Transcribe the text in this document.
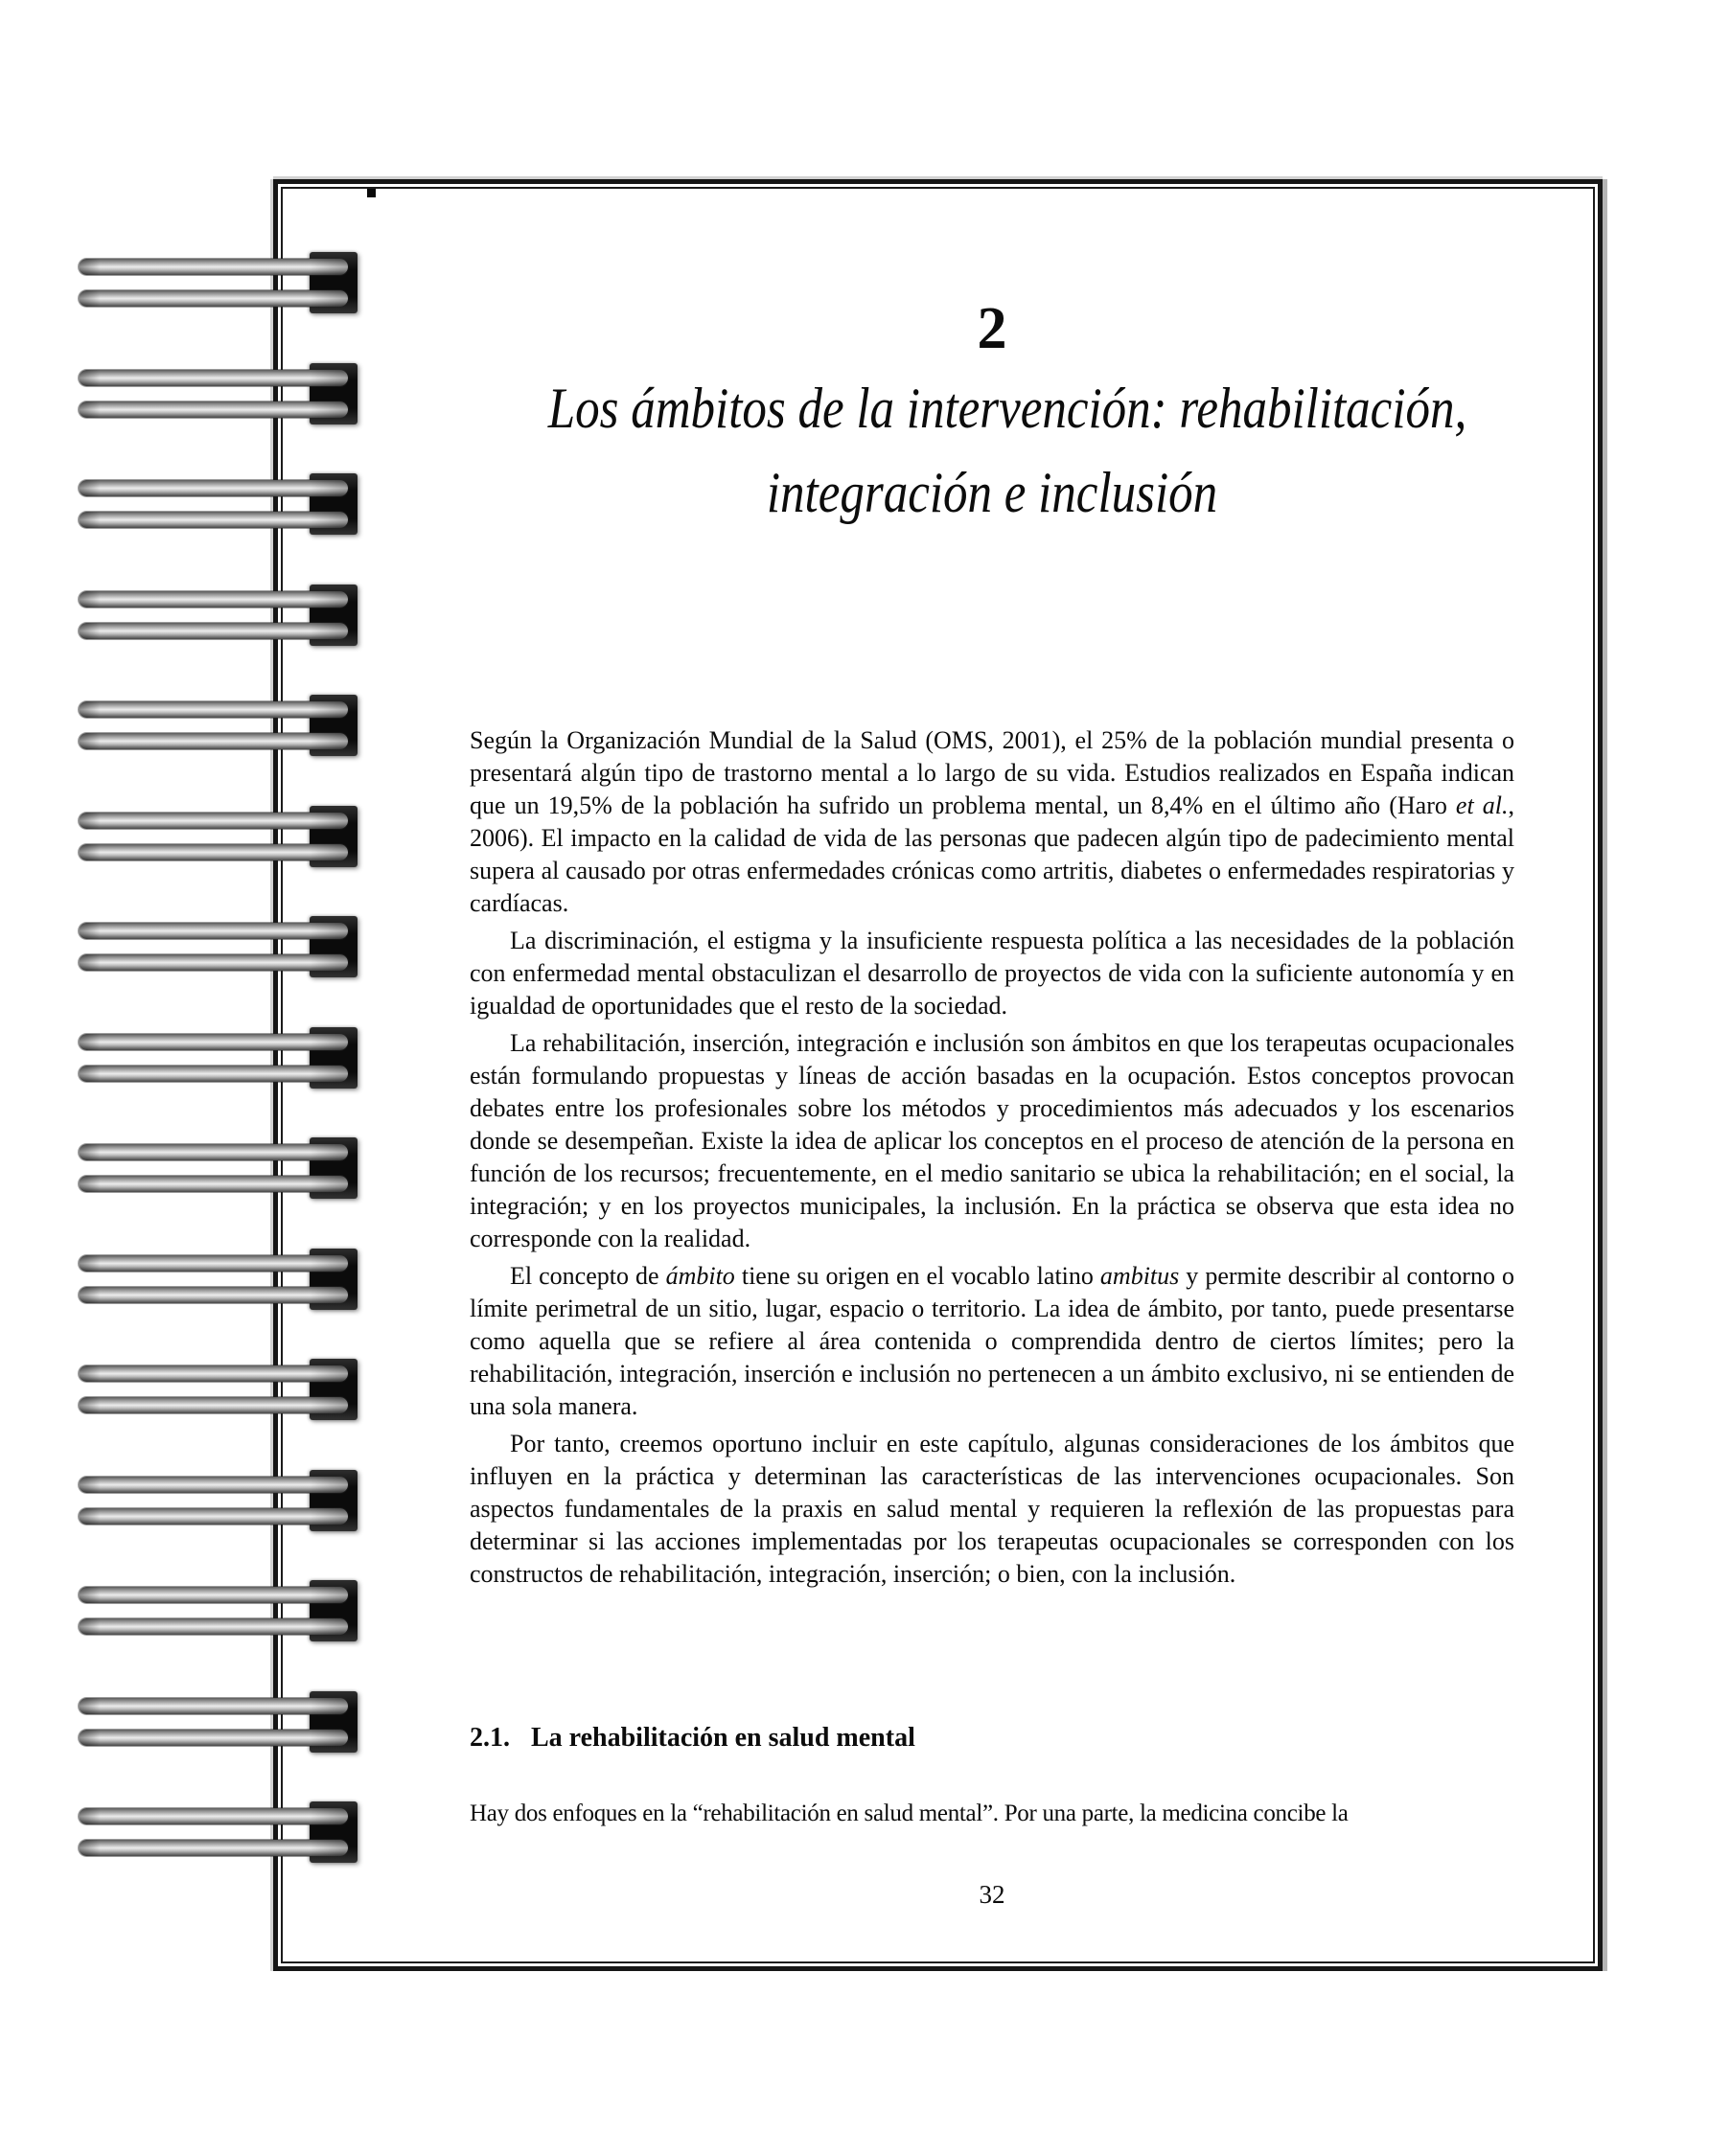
2
Los ámbitos de la intervención: rehabilitación,
integración e inclusión

Según la Organización Mundial de la Salud (OMS, 2001), el 25% de la población mundial presenta o presentará algún tipo de trastorno mental a lo largo de su vida. Estudios realizados en España indican que un 19,5% de la población ha sufrido un problema mental, un 8,4% en el último año (Haro et al., 2006). El impacto en la calidad de vida de las personas que padecen algún tipo de padecimiento mental supera al causado por otras enfermedades crónicas como artritis, diabetes o enfermedades respiratorias y cardíacas.

La discriminación, el estigma y la insuficiente respuesta política a las necesidades de la población con enfermedad mental obstaculizan el desarrollo de proyectos de vida con la suficiente autonomía y en igualdad de oportunidades que el resto de la sociedad.

La rehabilitación, inserción, integración e inclusión son ámbitos en que los terapeutas ocupacionales están formulando propuestas y líneas de acción basadas en la ocupación. Estos conceptos provocan debates entre los profesionales sobre los métodos y procedimientos más adecuados y los escenarios donde se desempeñan. Existe la idea de aplicar los conceptos en el proceso de atención de la persona en función de los recursos; frecuentemente, en el medio sanitario se ubica la rehabilitación; en el social, la integración; y en los proyectos municipales, la inclusión. En la práctica se observa que esta idea no corresponde con la realidad.

El concepto de ámbito tiene su origen en el vocablo latino ambitus y permite describir al contorno o límite perimetral de un sitio, lugar, espacio o territorio. La idea de ámbito, por tanto, puede presentarse como aquella que se refiere al área contenida o comprendida dentro de ciertos límites; pero la rehabilitación, integración, inserción e inclusión no pertenecen a un ámbito exclusivo, ni se entienden de una sola manera.

Por tanto, creemos oportuno incluir en este capítulo, algunas consideraciones de los ámbitos que influyen en la práctica y determinan las características de las intervenciones ocupacionales. Son aspectos fundamentales de la praxis en salud mental y requieren la reflexión de las propuestas para determinar si las acciones implementadas por los terapeutas ocupacionales se corresponden con los constructos de rehabilitación, integración, inserción; o bien, con la inclusión.

2.1. La rehabilitación en salud mental

Hay dos enfoques en la “rehabilitación en salud mental”. Por una parte, la medicina concibe la

32
